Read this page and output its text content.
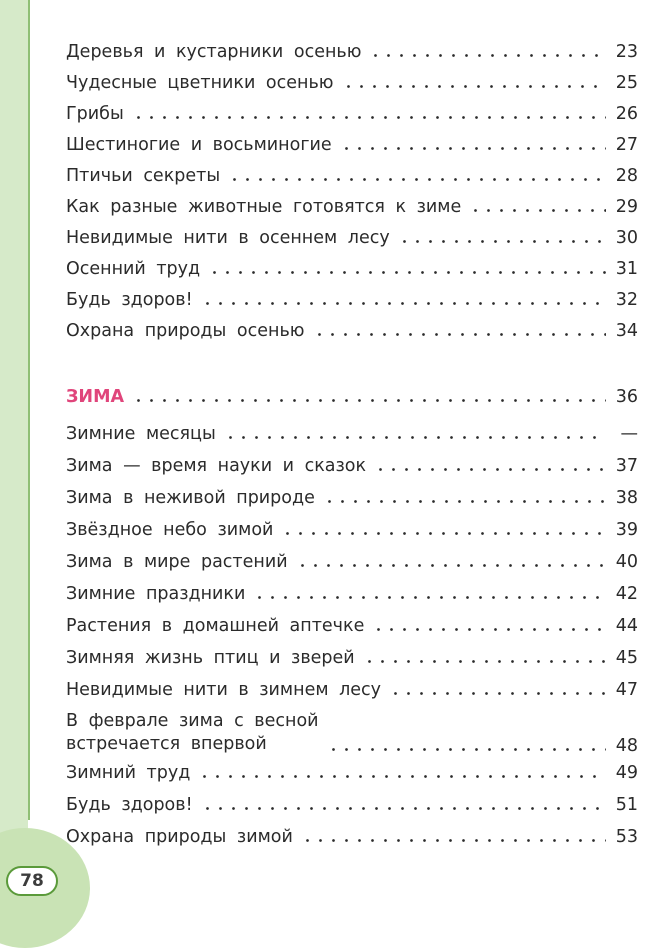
78
Деревья и кустарники осенью	23
Чудесные цветники осенью	25
Грибы	26
Шестиногие и восьминогие	27
Птичьи секреты	28
Как разные животные готовятся к зиме	29
Невидимые нити в осеннем лесу	30
Осенний труд	31
Будь здоров!	32
Охрана природы осенью	34
ЗИМА	36
Зимние месяцы	—
Зима — время науки и сказок	37
Зима в неживой природе	38
Звёздное небо зимой	39
Зима в мире растений	40
Зимние праздники	42
Растения в домашней аптечке	44
Зимняя жизнь птиц и зверей	45
Невидимые нити в зимнем лесу	47
В феврале зима с весной
встречается впервой	48
Зимний труд	49
Будь здоров!	51
Охрана природы зимой	53
